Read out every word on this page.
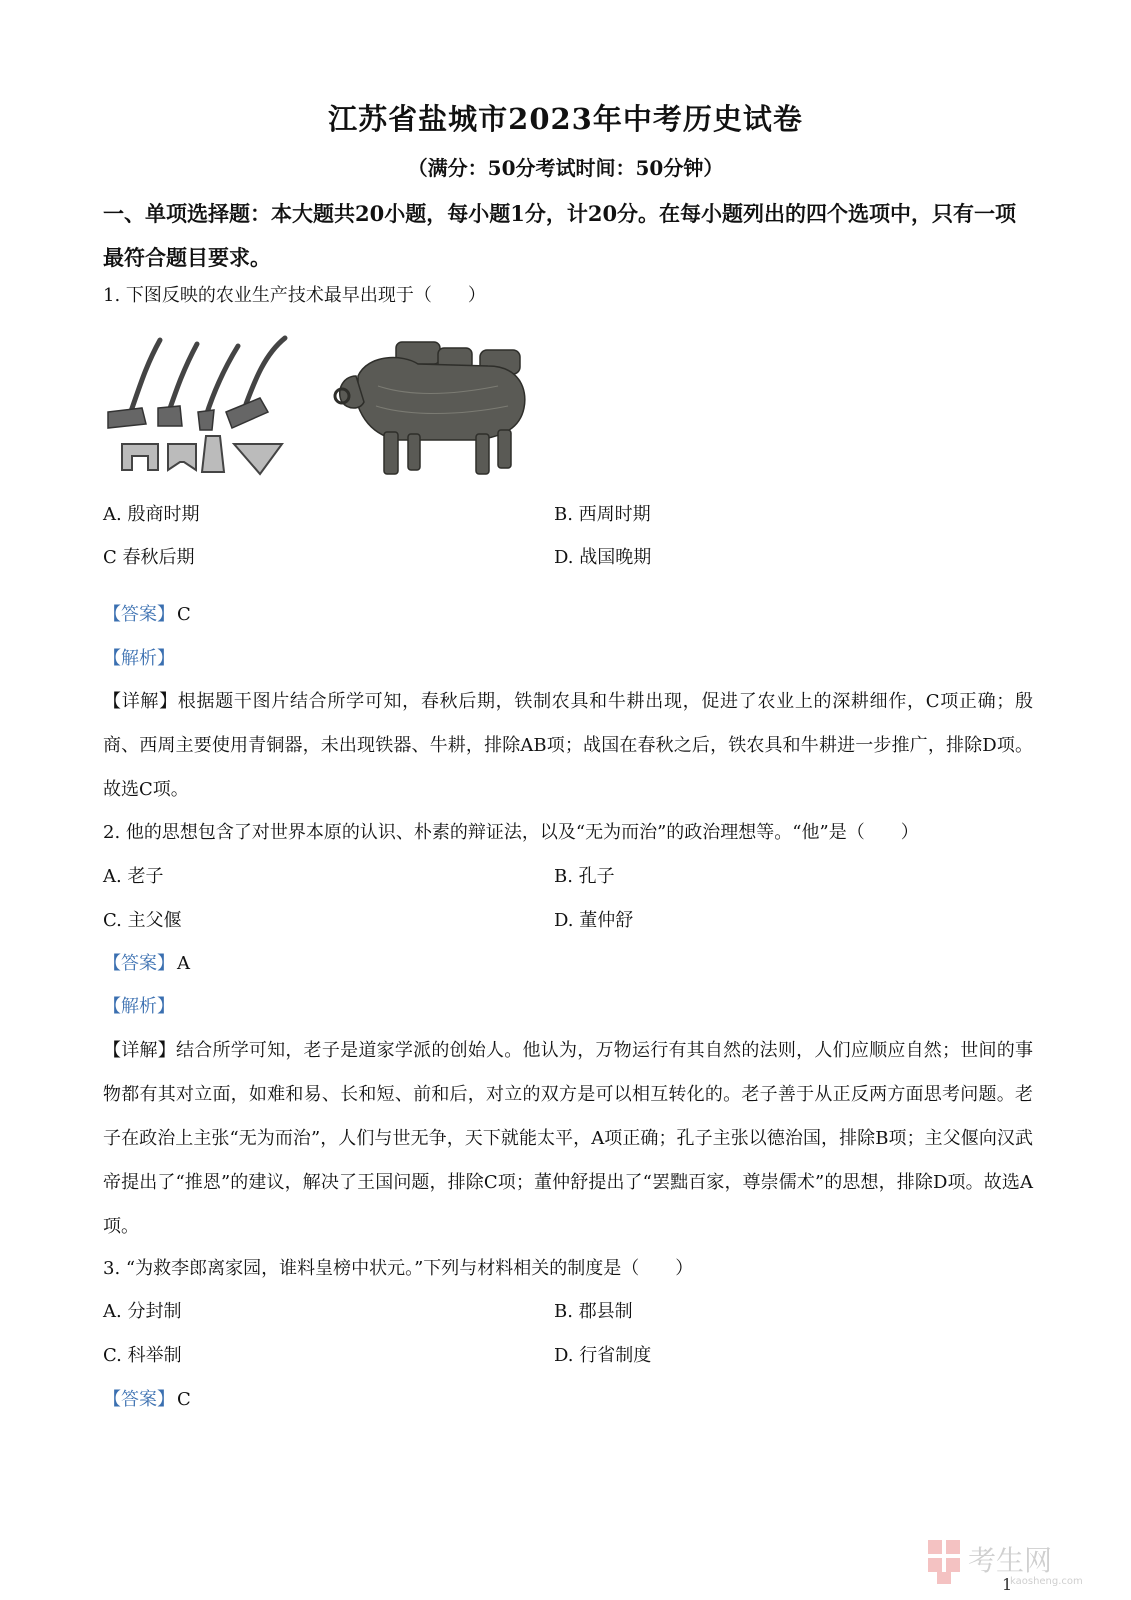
江苏省盐城市2023年中考历史试卷
（满分：50分考试时间：50分钟）
一、单项选择题：本大题共20小题，每小题1分，计20分。在每小题列出的四个选项中，只有一项最符合题目要求。
1. 下图反映的农业生产技术最早出现于（　　）
A. 殷商时期	B. 西周时期
C 春秋后期	D. 战国晚期
【答案】 C
【解析】
【详解】根据题干图片结合所学可知，春秋后期，铁制农具和牛耕出现，促进了农业上的深耕细作，C项正确；殷商、西周主要使用青铜器，未出现铁器、牛耕，排除AB项；战国在春秋之后，铁农具和牛耕进一步推广，排除D项。故选C项。
2. 他的思想包含了对世界本原的认识、朴素的辩证法，以及“无为而治”的政治理想等。“他”是（　　）
A. 老子	B. 孔子
C. 主父偃	D. 董仲舒
【答案】 A
【解析】
【详解】结合所学可知，老子是道家学派的创始人。他认为，万物运行有其自然的法则，人们应顺应自然；世间的事物都有其对立面，如难和易、长和短、前和后，对立的双方是可以相互转化的。老子善于从正反两方面思考问题。老子在政治上主张“无为而治”，人们与世无争，天下就能太平，A项正确；孔子主张以德治国，排除B项；主父偃向汉武帝提出了“推恩”的建议，解决了王国问题，排除C项；董仲舒提出了“罢黜百家，尊崇儒术”的思想，排除D项。故选A项。
3. “为救李郎离家园，谁料皇榜中状元。”下列与材料相关的制度是（　　）
A. 分封制	B. 郡县制
C. 科举制	D. 行省制度
【答案】 C
考生网
kaosheng.com
1
